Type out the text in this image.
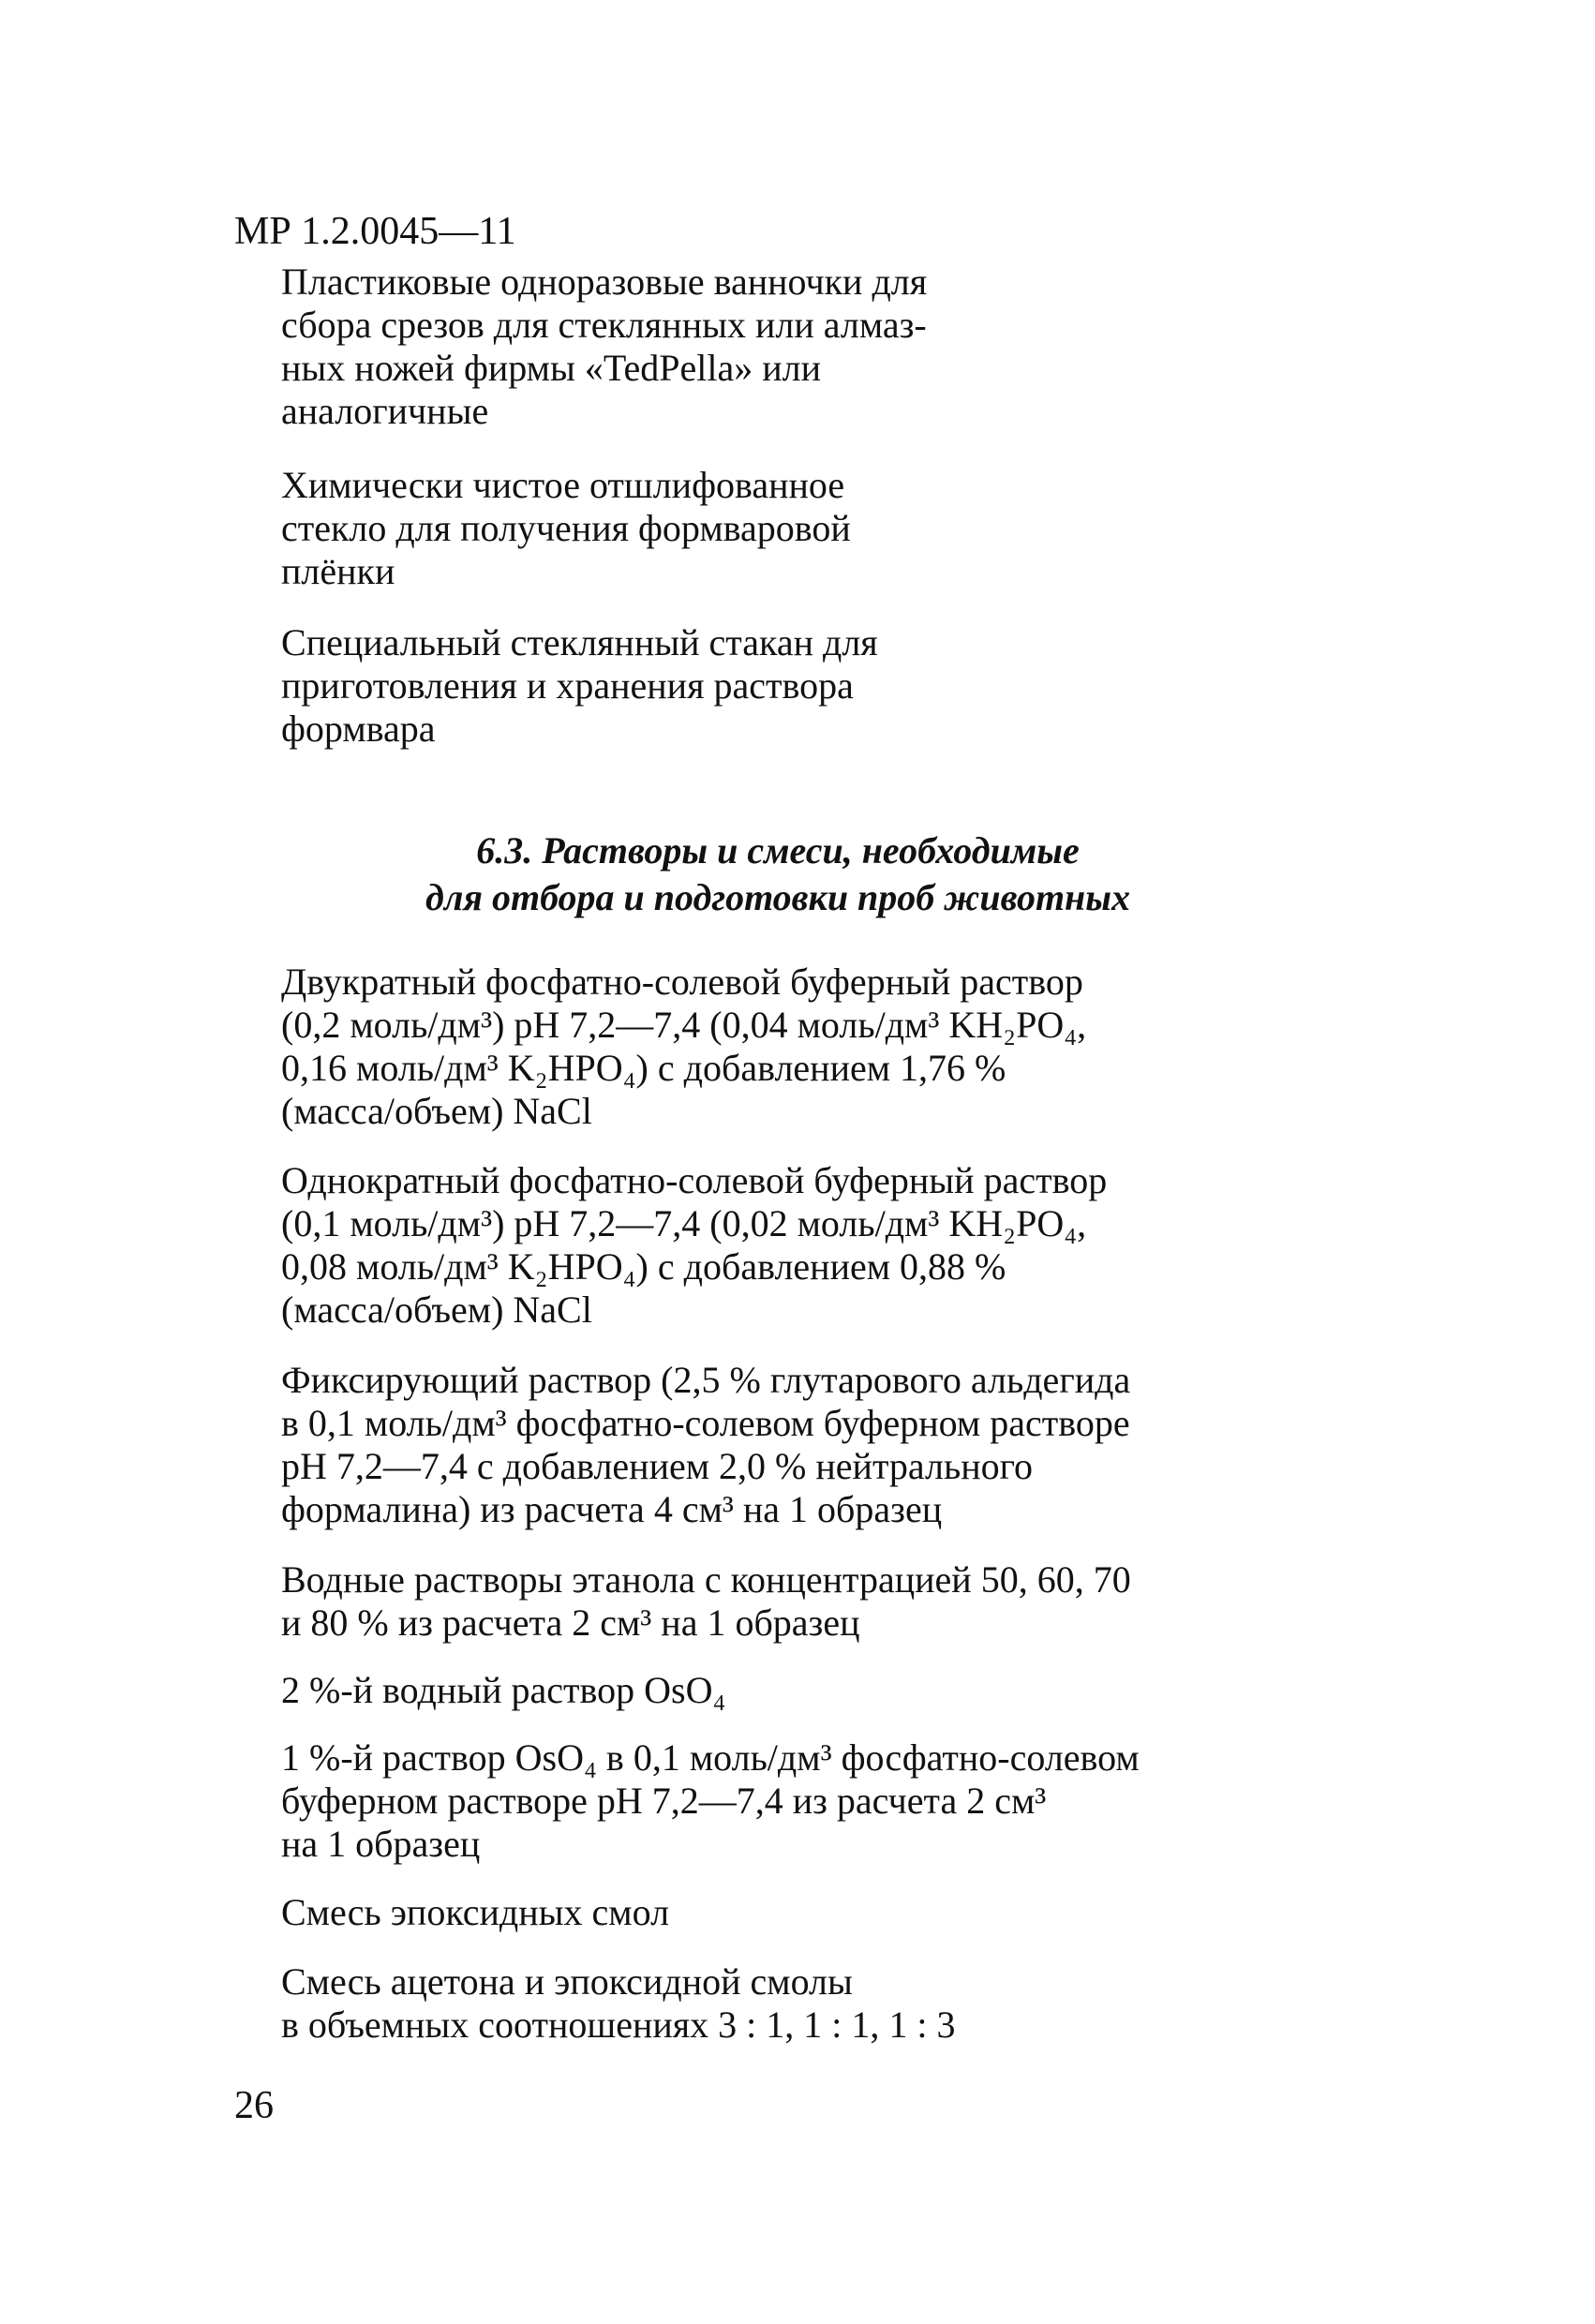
МР 1.2.0045—11

Пластиковые одноразовые ванночки для
сбора срезов для стеклянных или алмаз-
ных ножей фирмы «TedPella» или
аналогичные
Химически чистое отшлифованное
стекло для получения формваровой
плёнки
Специальный стеклянный стакан для
приготовления и хранения раствора
формвара
6.3. Растворы и смеси, необходимые
для отбора и подготовки проб животных
Двукратный фосфатно-солевой буферный раствор
(0,2 моль/дм³) pH 7,2—7,4 (0,04 моль/дм³ KH₂PO₄,
0,16 моль/дм³ K₂HPO₄) с добавлением 1,76 %
(масса/объем) NaCl
Однократный фосфатно-солевой буферный раствор
(0,1 моль/дм³) pH 7,2—7,4 (0,02 моль/дм³ KH₂PO₄,
0,08 моль/дм³ K₂HPO₄) с добавлением 0,88 %
(масса/объем) NaCl
Фиксирующий раствор (2,5 % глутарового альдегида
в 0,1 моль/дм³ фосфатно-солевом буферном растворе
pH 7,2—7,4 с добавлением 2,0 % нейтрального
формалина) из расчета 4 см³ на 1 образец
Водные растворы этанола с концентрацией 50, 60, 70
и 80 % из расчета 2 см³ на 1 образец
2 %-й водный раствор OsO₄
1 %-й раствор OsO₄ в 0,1 моль/дм³ фосфатно-солевом
буферном растворе pH 7,2—7,4 из расчета 2 см³
на 1 образец
Смесь эпоксидных смол
Смесь ацетона и эпоксидной смолы
в объемных соотношениях 3 : 1, 1 : 1, 1 : 3

26
